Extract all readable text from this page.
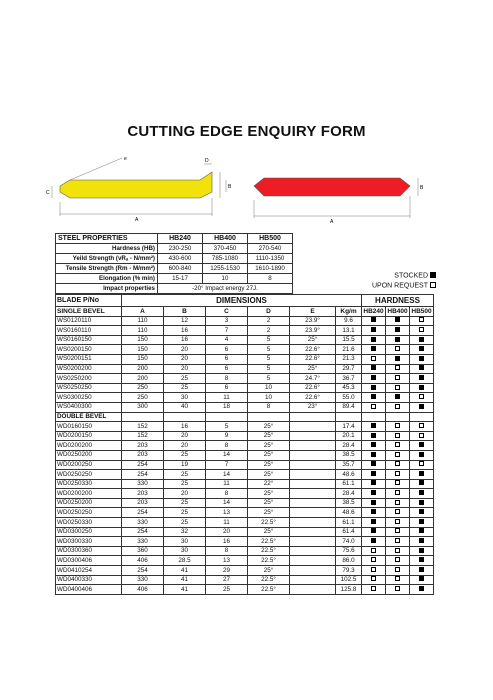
CUTTING EDGE ENQUIRY FORM
e
A
C
D
B
A
B
STEEL PROPERTIES	HB240	HB400	HB500
Hardness (HB)	230-250	370-450	270-540
Yeild Strength (vRₐ - N/mm²)	430-600	785-1080	1110-1350
Tensile Strength (Rm - M/mm²)	600-840	1255-1530	1610-1890
Elongation (% min)	15-17	10	8
Impact properties	-20° Impact energy 27J.		
STOCKED
UPON REQUEST
BLADE P/No	DIMENSIONS						HARDNESS		
SINGLE BEVEL	A	B	C	D	E	Kg/m	HB240	HB400	HB500
WS0120110	110	12	3	2	23.9°	9.6			
WS0160110	110	16	7	2	23.9°	13.1			
WS0160150	150	16	4	5	25°	15.5			
WS0200150	150	20	6	5	22.6°	21.6			
WS0200151	150	20	6	5	22.6°	21.3			
WS0200200	200	20	6	5	25°	29.7			
WS0250200	200	25	8	5	24.7°	36.7			
WS0250250	250	25	6	10	22.6°	45.3			
WS0300250	250	30	11	10	22.6°	55.0			
WS0400300	300	40	18	8	23°	89.4			
DOUBLE BEVEL									
WD0160150	152	16	5	25°		17.4			
WD0200150	152	20	9	25°		20.1			
WD0200200	203	20	8	25°		28.4			
WD0250200	203	25	14	25°		38.5			
WD0200250	254	19	7	25°		35.7			
WD0250250	254	25	14	25°		48.6			
WD0250330	330	25	11	22°		61.1			
WD0200200	203	20	8	25°		28.4			
WD0250200	203	25	14	25°		38.5			
WD0250250	254	25	13	25°		48.6			
WD0250330	330	25	11	22.5°		61.1			
WD0300250	254	32	20	25°		61.4			
WD0300330	330	30	16	22.5°		74.0			
WD0300360	360	30	8	22.5°		75.6			
WD0300406	406	28.5	13	22.5°		86.0			
WD0410254	254	41	29	25°		79.3			
WD0400330	330	41	27	22.5°		102.5			
WD0400406	406	41	25	22.5°		125.8			
